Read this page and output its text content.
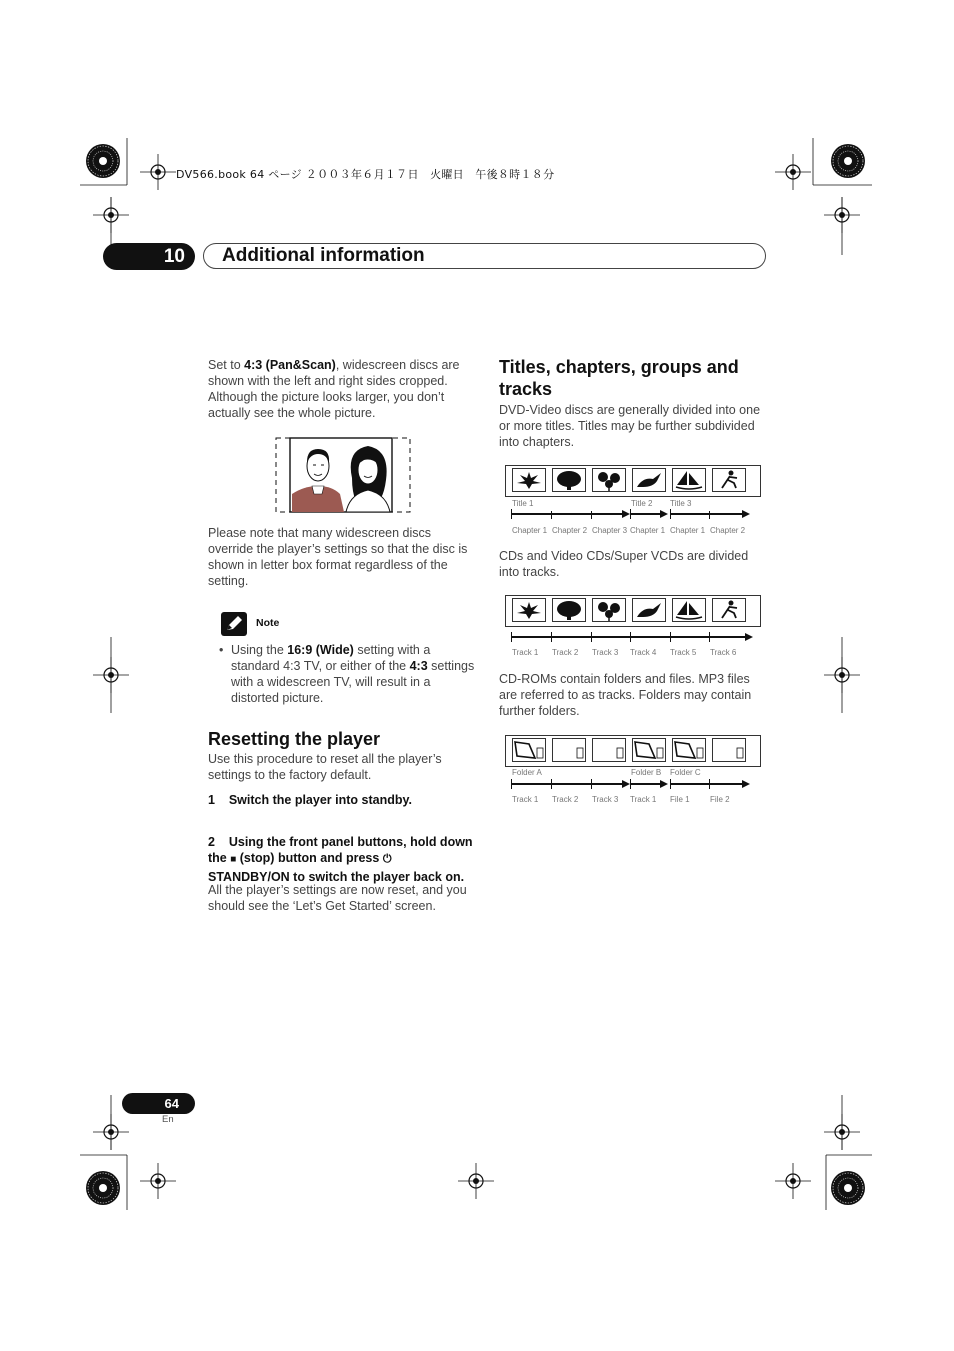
DV566.book 64 ページ ２００３年６月１７日　火曜日　午後８時１８分
10	Additional information
Set to 4:3 (Pan&Scan), widescreen discs are shown with the left and right sides cropped. Although the picture looks larger, you don’t actually see the whole picture.
Please note that many widescreen discs override the player’s settings so that the disc is shown in letter box format regardless of the setting.
Note
• Using the 16:9 (Wide) setting with a standard 4:3 TV, or either of the 4:3 settings with a widescreen TV, will result in a distorted picture.
Resetting the player
Use this procedure to reset all the player’s settings to the factory default.
1    Switch the player into standby.

2    Using the front panel buttons, hold down the ■ (stop) button and press ⏻ STANDBY/ON to switch the player back on.
All the player’s settings are now reset, and you should see the ‘Let’s Get Started’ screen.
Titles, chapters, groups and tracks
DVD-Video discs are generally divided into one or more titles. Titles may be further subdivided into chapters.
Title 1	Title 2 Title 3
Chapter 1 Chapter 2 Chapter 3 Chapter 1 Chapter 1 Chapter 2
CDs and Video CDs/Super VCDs are divided into tracks.
Track 1 Track 2 Track 3 Track 4 Track 5 Track 6
CD-ROMs contain folders and files. MP3 files are referred to as tracks. Folders may contain further folders.
Folder A	Folder B Folder C
Track 1 Track 2 Track 3 Track 1 File 1	File 2
64
En
